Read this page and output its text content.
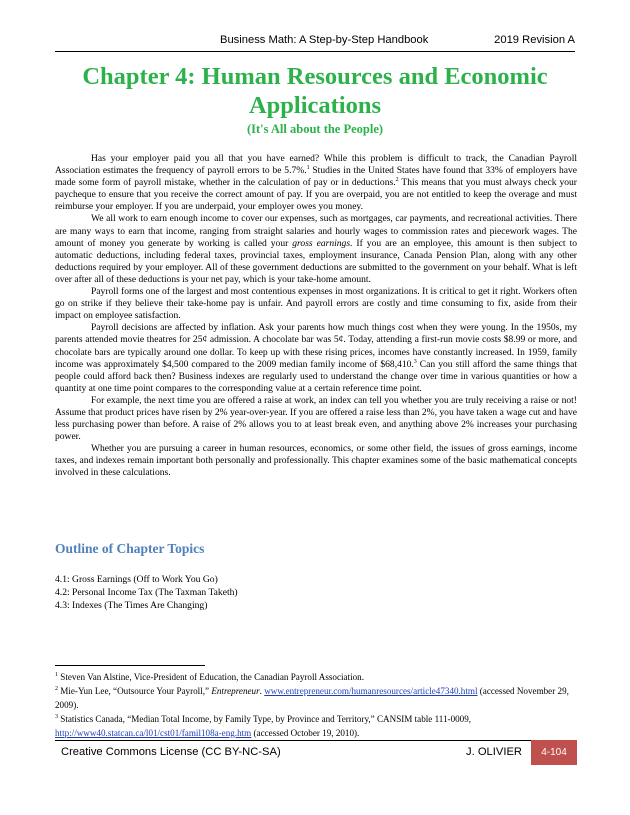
Business Math: A Step-by-Step Handbook	2019 Revision A
Chapter 4: Human Resources and Economic Applications
(It's All about the People)

Has your employer paid you all that you have earned? While this problem is difficult to track, the Canadian Payroll Association estimates the frequency of payroll errors to be 5.7%.$^1$ Studies in the United States have found that 33% of employers have made some form of payroll mistake, whether in the calculation of pay or in deductions.$^2$ This means that you must always check your paycheque to ensure that you receive the correct amount of pay. If you are overpaid, you are not entitled to keep the overage and must reimburse your employer. If you are underpaid, your employer owes you money.

We all work to earn enough income to cover our expenses, such as mortgages, car payments, and recreational activities. There are many ways to earn that income, ranging from straight salaries and hourly wages to commission rates and piecework wages. The amount of money you generate by working is called your gross earnings. If you are an employee, this amount is then subject to automatic deductions, including federal taxes, provincial taxes, employment insurance, Canada Pension Plan, along with any other deductions required by your employer. All of these government deductions are submitted to the government on your behalf. What is left over after all of these deductions is your net pay, which is your take-home amount.

Payroll forms one of the largest and most contentious expenses in most organizations. It is critical to get it right. Workers often go on strike if they believe their take-home pay is unfair. And payroll errors are costly and time consuming to fix, aside from their impact on employee satisfaction.

Payroll decisions are affected by inflation. Ask your parents how much things cost when they were young. In the 1950s, my parents attended movie theatres for 25¢ admission. A chocolate bar was 5¢. Today, attending a first-run movie costs $8.99 or more, and chocolate bars are typically around one dollar. To keep up with these rising prices, incomes have constantly increased. In 1959, family income was approximately $4,500 compared to the 2009 median family income of $68,410.$^3$ Can you still afford the same things that people could afford back then? Business indexes are regularly used to understand the change over time in various quantities or how a quantity at one time point compares to the corresponding value at a certain reference time point.

For example, the next time you are offered a raise at work, an index can tell you whether you are truly receiving a raise or not! Assume that product prices have risen by 2% year-over-year. If you are offered a raise less than 2%, you have taken a wage cut and have less purchasing power than before. A raise of 2% allows you to at least break even, and anything above 2% increases your purchasing power.

Whether you are pursuing a career in human resources, economics, or some other field, the issues of gross earnings, income taxes, and indexes remain important both personally and professionally. This chapter examines some of the basic mathematical concepts involved in these calculations.

Outline of Chapter Topics
4.1: Gross Earnings (Off to Work You Go)
4.2: Personal Income Tax (The Taxman Taketh)
4.3: Indexes (The Times Are Changing)
$^1$ Steven Van Alstine, Vice-President of Education, the Canadian Payroll Association.
$^2$ Mie-Yun Lee, “Outsource Your Payroll,” Entrepreneur. www.entrepreneur.com/humanresources/article47340.html (accessed November 29, 2009).
$^3$ Statistics Canada, “Median Total Income, by Family Type, by Province and Territory,” CANSIM table 111-0009, http://www40.statcan.ca/l01/cst01/famil108a-eng.htm (accessed October 19, 2010).
Creative Commons License (CC BY-NC-SA)	J. OLIVIER	4-104
